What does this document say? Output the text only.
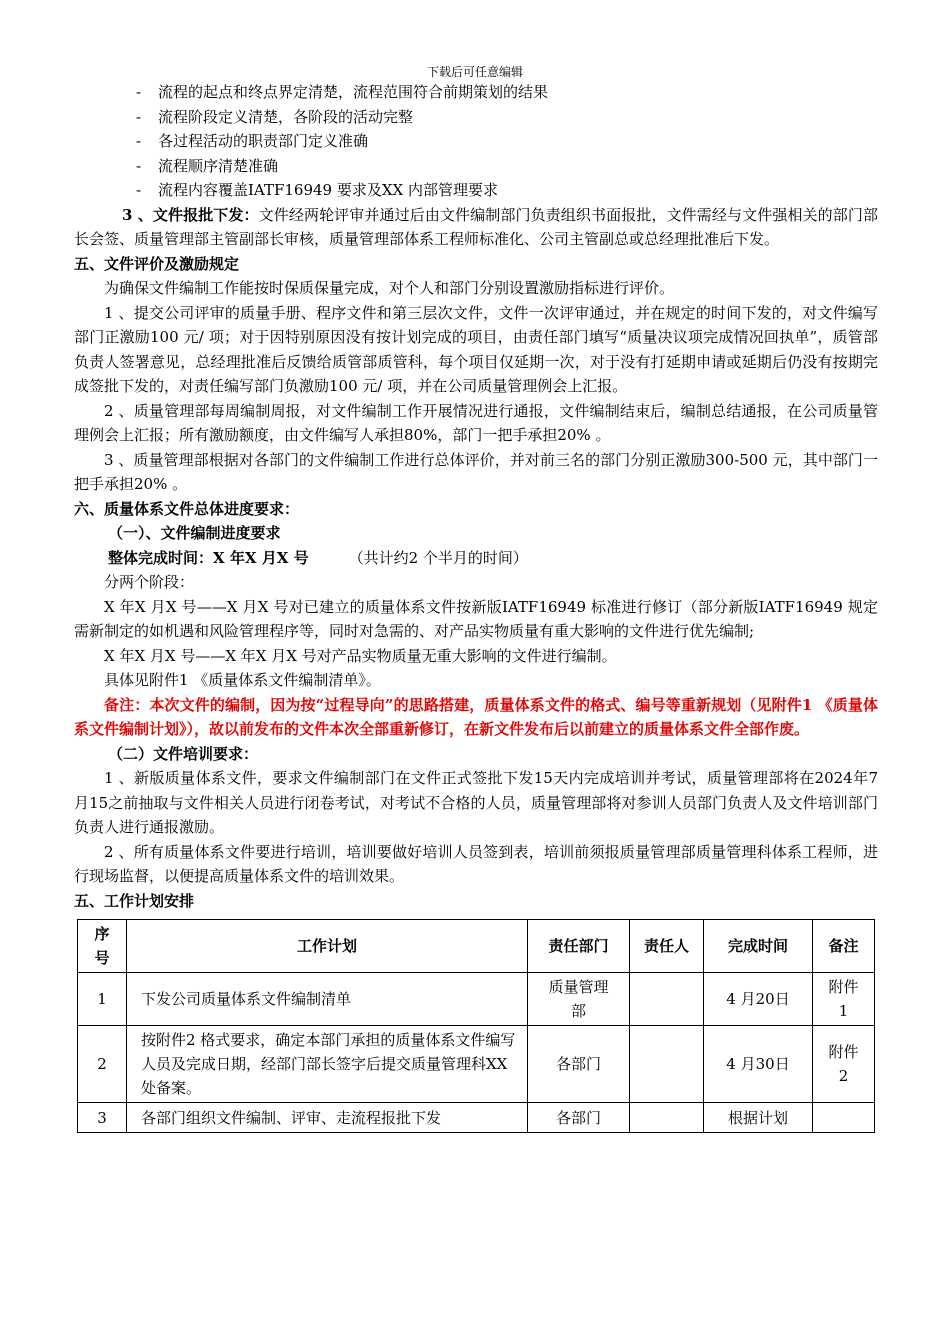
下载后可任意编辑
- 流程的起点和终点界定清楚，流程范围符合前期策划的结果
- 流程阶段定义清楚，各阶段的活动完整
- 各过程活动的职责部门定义准确
- 流程顺序清楚准确
- 流程内容覆盖IATF16949 要求及XX 内部管理要求

3 、文件报批下发：文件经两轮评审并通过后由文件编制部门负责组织书面报批，文件需经与文件强相关的部门部长会签、质量管理部主管副部长审核，质量管理部体系工程师标准化、公司主管副总或总经理批准后下发。

五、文件评价及激励规定

为确保文件编制工作能按时保质保量完成，对个人和部门分别设置激励指标进行评价。

1 、提交公司评审的质量手册、程序文件和第三层次文件，文件一次评审通过，并在规定的时间下发的，对文件编写部门正激励100 元/ 项；对于因特别原因没有按计划完成的项目，由责任部门填写“质量决议项完成情况回执单”，质管部负责人签署意见，总经理批准后反馈给质管部质管科，每个项目仅延期一次，对于没有打延期申请或延期后仍没有按期完成签批下发的，对责任编写部门负激励100 元/ 项，并在公司质量管理例会上汇报。

2 、质量管理部每周编制周报，对文件编制工作开展情况进行通报，文件编制结束后，编制总结通报，在公司质量管理例会上汇报；所有激励额度，由文件编写人承担80%，部门一把手承担20% 。

3 、质量管理部根据对各部门的文件编制工作进行总体评价，并对前三名的部门分别正激励300-500 元，其中部门一把手承担20% 。

六、质量体系文件总体进度要求：

（一）、文件编制进度要求

整体完成时间：X 年X 月X 号	（共计约2 个半月的时间）

分两个阶段：

X 年X 月X 号——X 月X 号对已建立的质量体系文件按新版IATF16949 标准进行修订（部分新版IATF16949 规定需新制定的如机遇和风险管理程序等，同时对急需的、对产品实物质量有重大影响的文件进行优先编制;

X 年X 月X 号——X 年X 月X 号对产品实物质量无重大影响的文件进行编制。

具体见附件1 《质量体系文件编制清单》。

备注：本次文件的编制，因为按“过程导向”的思路搭建，质量体系文件的格式、编号等重新规划（见附件1 《质量体系文件编制计划》），故以前发布的文件本次全部重新修订，在新文件发布后以前建立的质量体系文件全部作废。

（二）文件培训要求：

1 、新版质量体系文件，要求文件编制部门在文件正式签批下发15天内完成培训并考试，质量管理部将在2024年7 月15之前抽取与文件相关人员进行闭卷考试，对考试不合格的人员，质量管理部将对参训人员部门负责人及文件培训部门负责人进行通报激励。

2 、所有质量体系文件要进行培训，培训要做好培训人员签到表，培训前须报质量管理部质量管理科体系工程师，进行现场监督，以便提高质量体系文件的培训效果。

五、工作计划安排

序号	工作计划	责任部门	责任人	完成时间	备注
1	下发公司质量体系文件编制清单	质量管理部		4 月20日	附件1
2	按附件2 格式要求，确定本部门承担的质量体系文件编写人员及完成日期，经部门部长签字后提交质量管理科XX 处备案。	各部门		4 月30日	附件2
3	各部门组织文件编制、评审、走流程报批下发	各部门		根据计划	
